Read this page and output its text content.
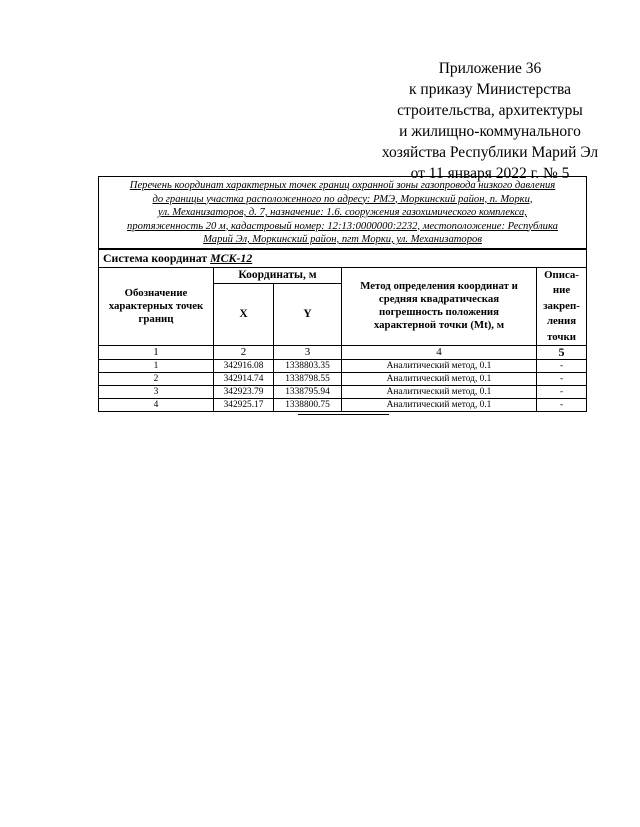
Приложение 36
к приказу Министерства
строительства, архитектуры
и жилищно-коммунального
хозяйства Республики Марий Эл
от 11 января 2022 г. № 5
Перечень координат характерных точек границ охранной зоны газопровода низкого давления
до границы участка расположенного по адресу: РМЭ, Моркинский район, п. Морки,
ул. Механизаторов, д. 7, назначение: 1.6. сооружения газохимического комплекса,
протяженность 20 м, кадастровый номер: 12:13:0000000:2232, местоположение: Республика
Марий Эл, Моркинский район, пгт Морки, ул. Механизаторов				

Система координат МСК-12				
Обозначение характерных точек границ	Координаты, м		Метод определения координат и средняя квадратическая погрешность положения характерной точки (Mt), м	Описа-ние закреп-ления точки
	X	Y		
1	2	3	4	5
1	342916.08	1338803.35	Аналитический метод, 0.1	-
2	342914.74	1338798.55	Аналитический метод, 0.1	-
3	342923.79	1338795.94	Аналитический метод, 0.1	-
4	342925.17	1338800.75	Аналитический метод, 0.1	-
